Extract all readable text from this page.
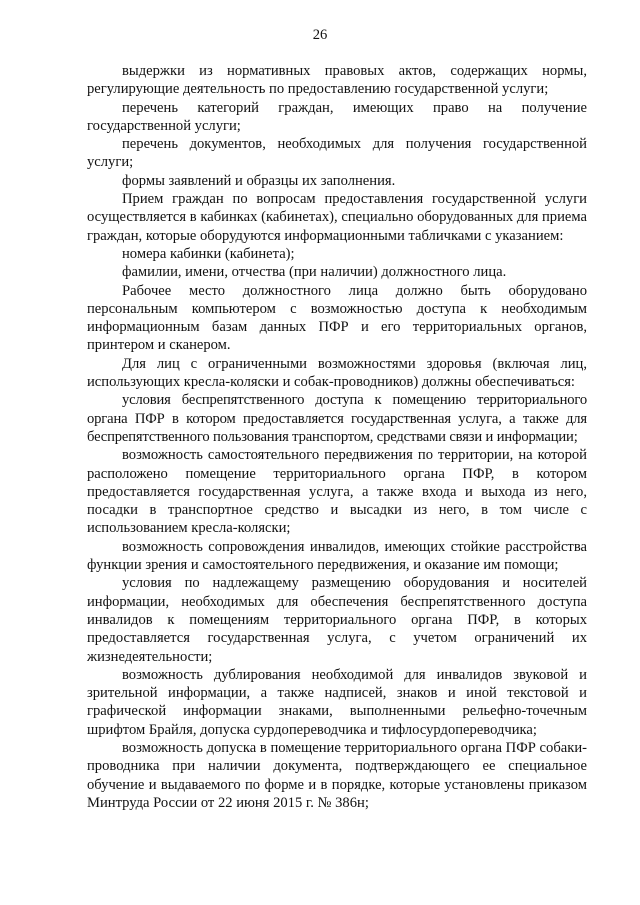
26

выдержки из нормативных правовых актов, содержащих нормы, регулирующие деятельность по предоставлению государственной услуги;

перечень категорий граждан, имеющих право на получение государственной услуги;

перечень документов, необходимых для получения государственной услуги;

формы заявлений и образцы их заполнения.

Прием граждан по вопросам предоставления государственной услуги осуществляется в кабинках (кабинетах), специально оборудованных для приема граждан, которые оборудуются информационными табличками с указанием:

номера кабинки (кабинета);

фамилии, имени, отчества (при наличии) должностного лица.

Рабочее место должностного лица должно быть оборудовано персональным компьютером с возможностью доступа к необходимым информационным базам данных ПФР и его территориальных органов, принтером и сканером.

Для лиц с ограниченными возможностями здоровья (включая лиц, использующих кресла-коляски и собак-проводников) должны обеспечиваться:

условия беспрепятственного доступа к помещению территориального органа ПФР в котором предоставляется государственная услуга, а также для беспрепятственного пользования транспортом, средствами связи и информации;

возможность самостоятельного передвижения по территории, на которой расположено помещение территориального органа ПФР, в котором предоставляется государственная услуга, а также входа и выхода из него, посадки в транспортное средство и высадки из него, в том числе с использованием кресла-коляски;

возможность сопровождения инвалидов, имеющих стойкие расстройства функции зрения и самостоятельного передвижения, и оказание им помощи;

условия по надлежащему размещению оборудования и носителей информации, необходимых для обеспечения беспрепятственного доступа инвалидов к помещениям территориального органа ПФР, в которых предоставляется государственная услуга, с учетом ограничений их жизнедеятельности;

возможность дублирования необходимой для инвалидов звуковой и зрительной информации, а также надписей, знаков и иной текстовой и графической информации знаками, выполненными рельефно-точечным шрифтом Брайля, допуска сурдопереводчика и тифлосурдопереводчика;

возможность допуска в помещение территориального органа ПФР собаки-проводника при наличии документа, подтверждающего ее специальное обучение и выдаваемого по форме и в порядке, которые установлены приказом Минтруда России от 22 июня 2015 г. № 386н;
